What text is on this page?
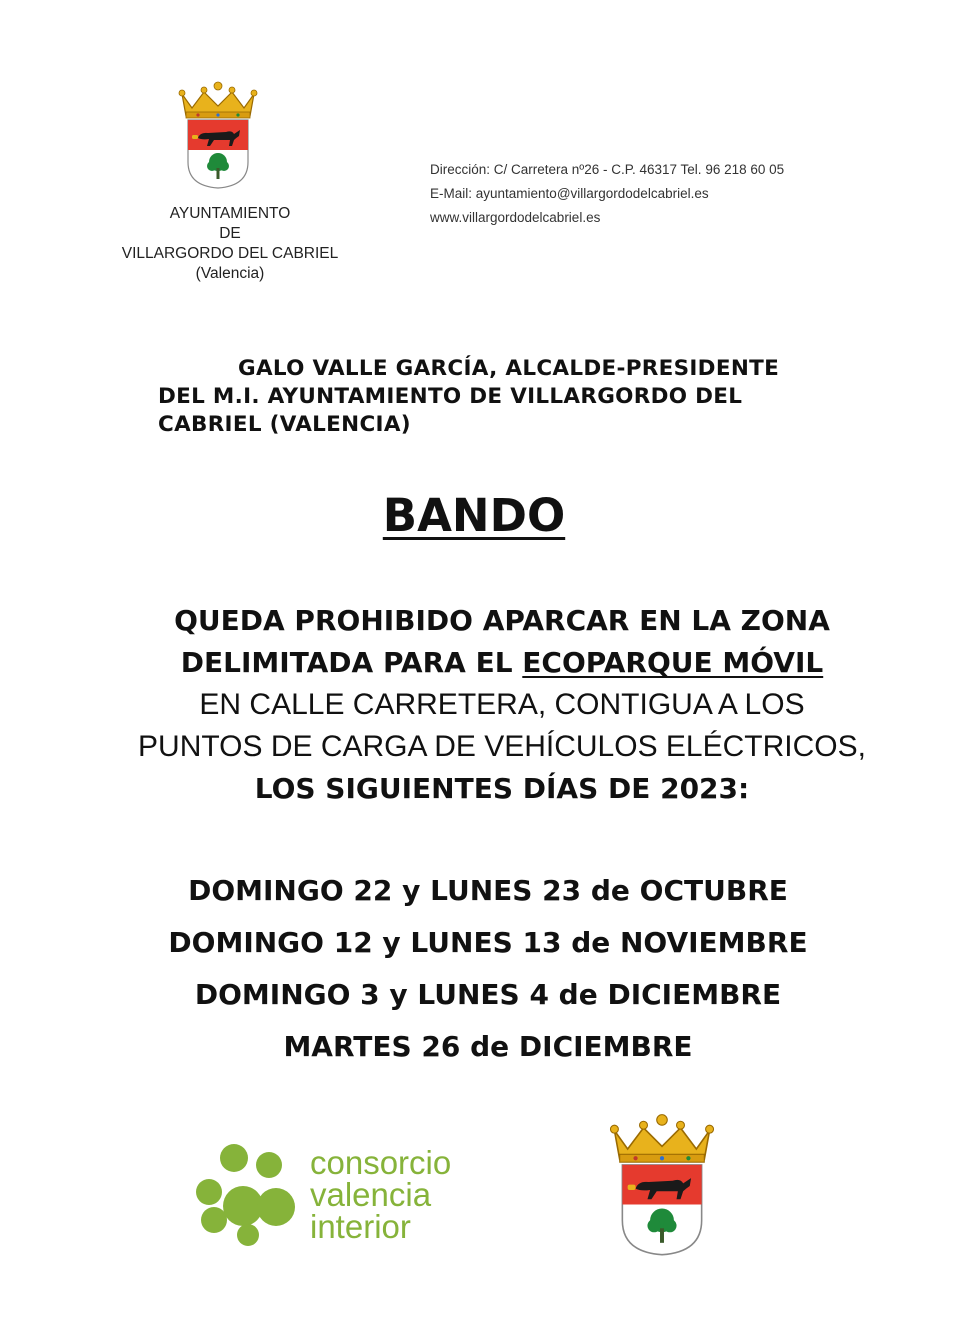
AYUNTAMIENTO
DE
VILLARGORDO DEL CABRIEL
(Valencia)
Dirección: C/ Carretera nº26 - C.P. 46317 Tel. 96 218 60 05
E-Mail: ayuntamiento@villargordodelcabriel.es
www.villargordodelcabriel.es
GALO VALLE GARCÍA, ALCALDE-PRESIDENTE
DEL M.I. AYUNTAMIENTO DE VILLARGORDO DEL
CABRIEL (VALENCIA)
BANDO
QUEDA PROHIBIDO APARCAR EN LA ZONA
DELIMITADA PARA EL ECOPARQUE MÓVIL
EN CALLE CARRETERA, CONTIGUA A LOS
PUNTOS DE CARGA DE VEHÍCULOS ELÉCTRICOS,
LOS SIGUIENTES DÍAS DE 2023:
DOMINGO 22 y LUNES 23 de OCTUBRE
DOMINGO 12 y LUNES 13 de NOVIEMBRE
DOMINGO 3 y LUNES 4 de DICIEMBRE
MARTES 26 de DICIEMBRE
consorcio
valencia
interior
